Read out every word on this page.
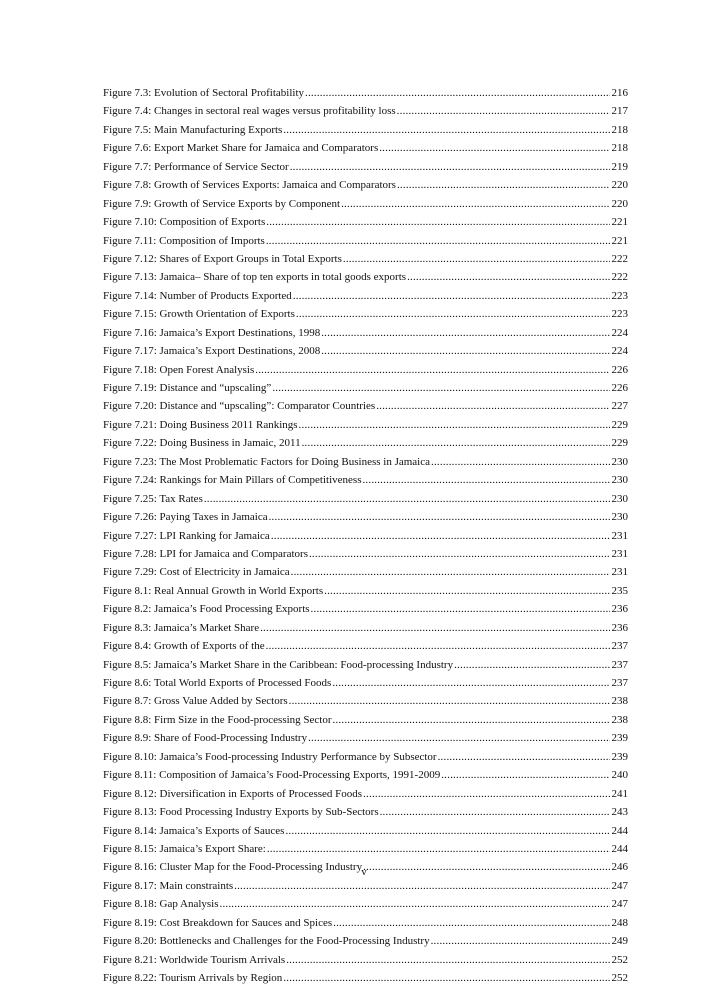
Figure 7.3: Evolution of Sectoral Profitability .....	216
Figure 7.4: Changes in sectoral real wages versus profitability loss .....	217
Figure 7.5: Main Manufacturing Exports .....	218
Figure 7.6: Export Market Share for Jamaica and Comparators .....	218
Figure 7.7: Performance of Service Sector .....	219
Figure 7.8: Growth of Services Exports: Jamaica and Comparators .....	220
Figure 7.9: Growth of Service Exports by Component .....	220
Figure 7.10: Composition of Exports .....	221
Figure 7.11: Composition of Imports .....	221
Figure 7.12: Shares of Export Groups in Total Exports .....	222
Figure 7.13: Jamaica– Share of top ten exports in total goods exports .....	222
Figure 7.14: Number of Products Exported .....	223
Figure 7.15: Growth Orientation of Exports .....	223
Figure 7.16: Jamaica’s Export Destinations, 1998 .....	224
Figure 7.17: Jamaica’s Export Destinations, 2008 .....	224
Figure 7.18: Open Forest Analysis .....	226
Figure 7.19: Distance and “upscaling” .....	226
Figure 7.20: Distance and “upscaling”: Comparator Countries .....	227
Figure 7.21: Doing Business 2011 Rankings .....	229
Figure 7.22: Doing Business in Jamaic, 2011 .....	229
Figure 7.23: The Most Problematic Factors for Doing Business in Jamaica .....	230
Figure 7.24: Rankings for Main Pillars of Competitiveness .....	230
Figure 7.25: Tax Rates .....	230
Figure 7.26: Paying Taxes in Jamaica .....	230
Figure 7.27: LPI Ranking for Jamaica .....	231
Figure 7.28: LPI for Jamaica and Comparators .....	231
Figure 7.29: Cost of Electricity in Jamaica .....	231
Figure 8.1: Real Annual Growth in World Exports .....	235
Figure 8.2: Jamaica’s Food Processing Exports .....	236
Figure 8.3: Jamaica’s Market Share .....	236
Figure 8.4: Growth of Exports of the .....	237
Figure 8.5: Jamaica’s Market Share in the Caribbean: Food-processing Industry .....	237
Figure 8.6: Total World Exports of Processed Foods .....	237
Figure 8.7: Gross Value Added by Sectors .....	238
Figure 8.8: Firm Size in the Food-processing Sector .....	238
Figure 8.9: Share of Food-Processing Industry .....	239
Figure 8.10: Jamaica’s Food-processing Industry Performance by Subsector .....	239
Figure 8.11: Composition of Jamaica’s Food-Processing Exports, 1991-2009 .....	240
Figure 8.12: Diversification in Exports of Processed Foods .....	241
Figure 8.13: Food Processing Industry Exports by Sub-Sectors .....	243
Figure 8.14: Jamaica’s Exports of Sauces .....	244
Figure 8.15: Jamaica’s Export Share: .....	244
Figure 8.16: Cluster Map for the Food-Processing Industry .....	246
Figure 8.17: Main constraints .....	247
Figure 8.18: Gap Analysis .....	247
Figure 8.19: Cost Breakdown for Sauces and Spices .....	248
Figure 8.20: Bottlenecks and Challenges for the Food-Processing Industry .....	249
Figure 8.21: Worldwide Tourism Arrivals .....	252
Figure 8.22: Tourism Arrivals by Region .....	252
v
